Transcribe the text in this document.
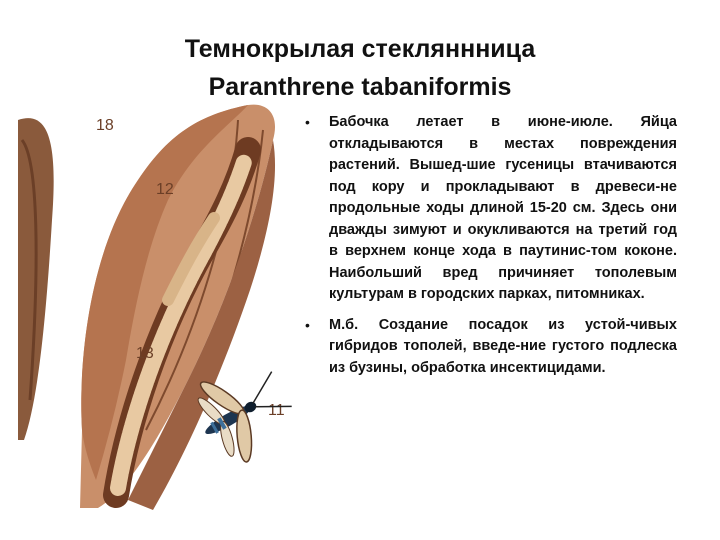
Темнокрылая стекляннница
Paranthrene tabaniformis
18
12
13
11
• Бабочка летает в июне-июле. Яйца откладываются в местах повреждения растений. Вышед-шие гусеницы втачиваются под кору и прокладывают в древеси-не продольные ходы длиной 15-20 см. Здесь они дважды зимуют и окукливаются на третий год в верхнем конце хода в паутинис-том коконе. Наибольший вред причиняет тополевым культурам в городских парках, питомниках.
• М.б. Создание посадок из устой-чивых гибридов тополей, введе-ние густого подлеска из бузины, обработка инсектицидами.
